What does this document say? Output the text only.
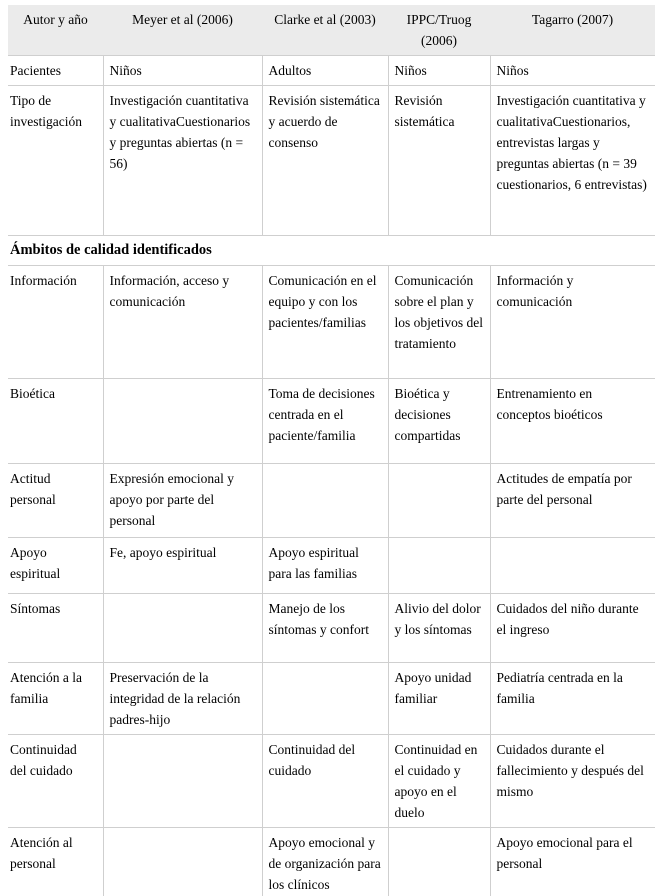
Autor y año	Meyer et al (2006)	Clarke et al (2003)	IPPC/Truog (2006)	Tagarro (2007)
Pacientes	Niños	Adultos	Niños	Niños
Tipo de investigación	Investigación cuantitativa y cualitativaCuestionarios y preguntas abiertas (n = 56)	Revisión sistemática y acuerdo de consenso	Revisión sistemática	Investigación cuantitativa y cualitativaCuestionarios, entrevistas largas y preguntas abiertas (n = 39 cuestionarios, 6 entrevistas)
Ámbitos de calidad identificados				
Información	Información, acceso y comunicación	Comunicación en el equipo y con los pacientes/familias	Comunicación sobre el plan y los objetivos del tratamiento	Información y comunicación
Bioética		Toma de decisiones centrada en el paciente/familia	Bioética y decisiones compartidas	Entrenamiento en conceptos bioéticos
Actitud personal	Expresión emocional y apoyo por parte del personal			Actitudes de empatía por parte del personal
Apoyo espiritual	Fe, apoyo espiritual	Apoyo espiritual para las familias		
Síntomas		Manejo de los síntomas y confort	Alivio del dolor y los síntomas	Cuidados del niño durante el ingreso
Atención a la familia	Preservación de la integridad de la relación padres-hijo		Apoyo unidad familiar	Pediatría centrada en la familia
Continuidad del cuidado		Continuidad del cuidado	Continuidad en el cuidado y apoyo en el duelo	Cuidados durante el fallecimiento y después del mismo
Atención al personal		Apoyo emocional y de organización para los clínicos		Apoyo emocional para el personal
